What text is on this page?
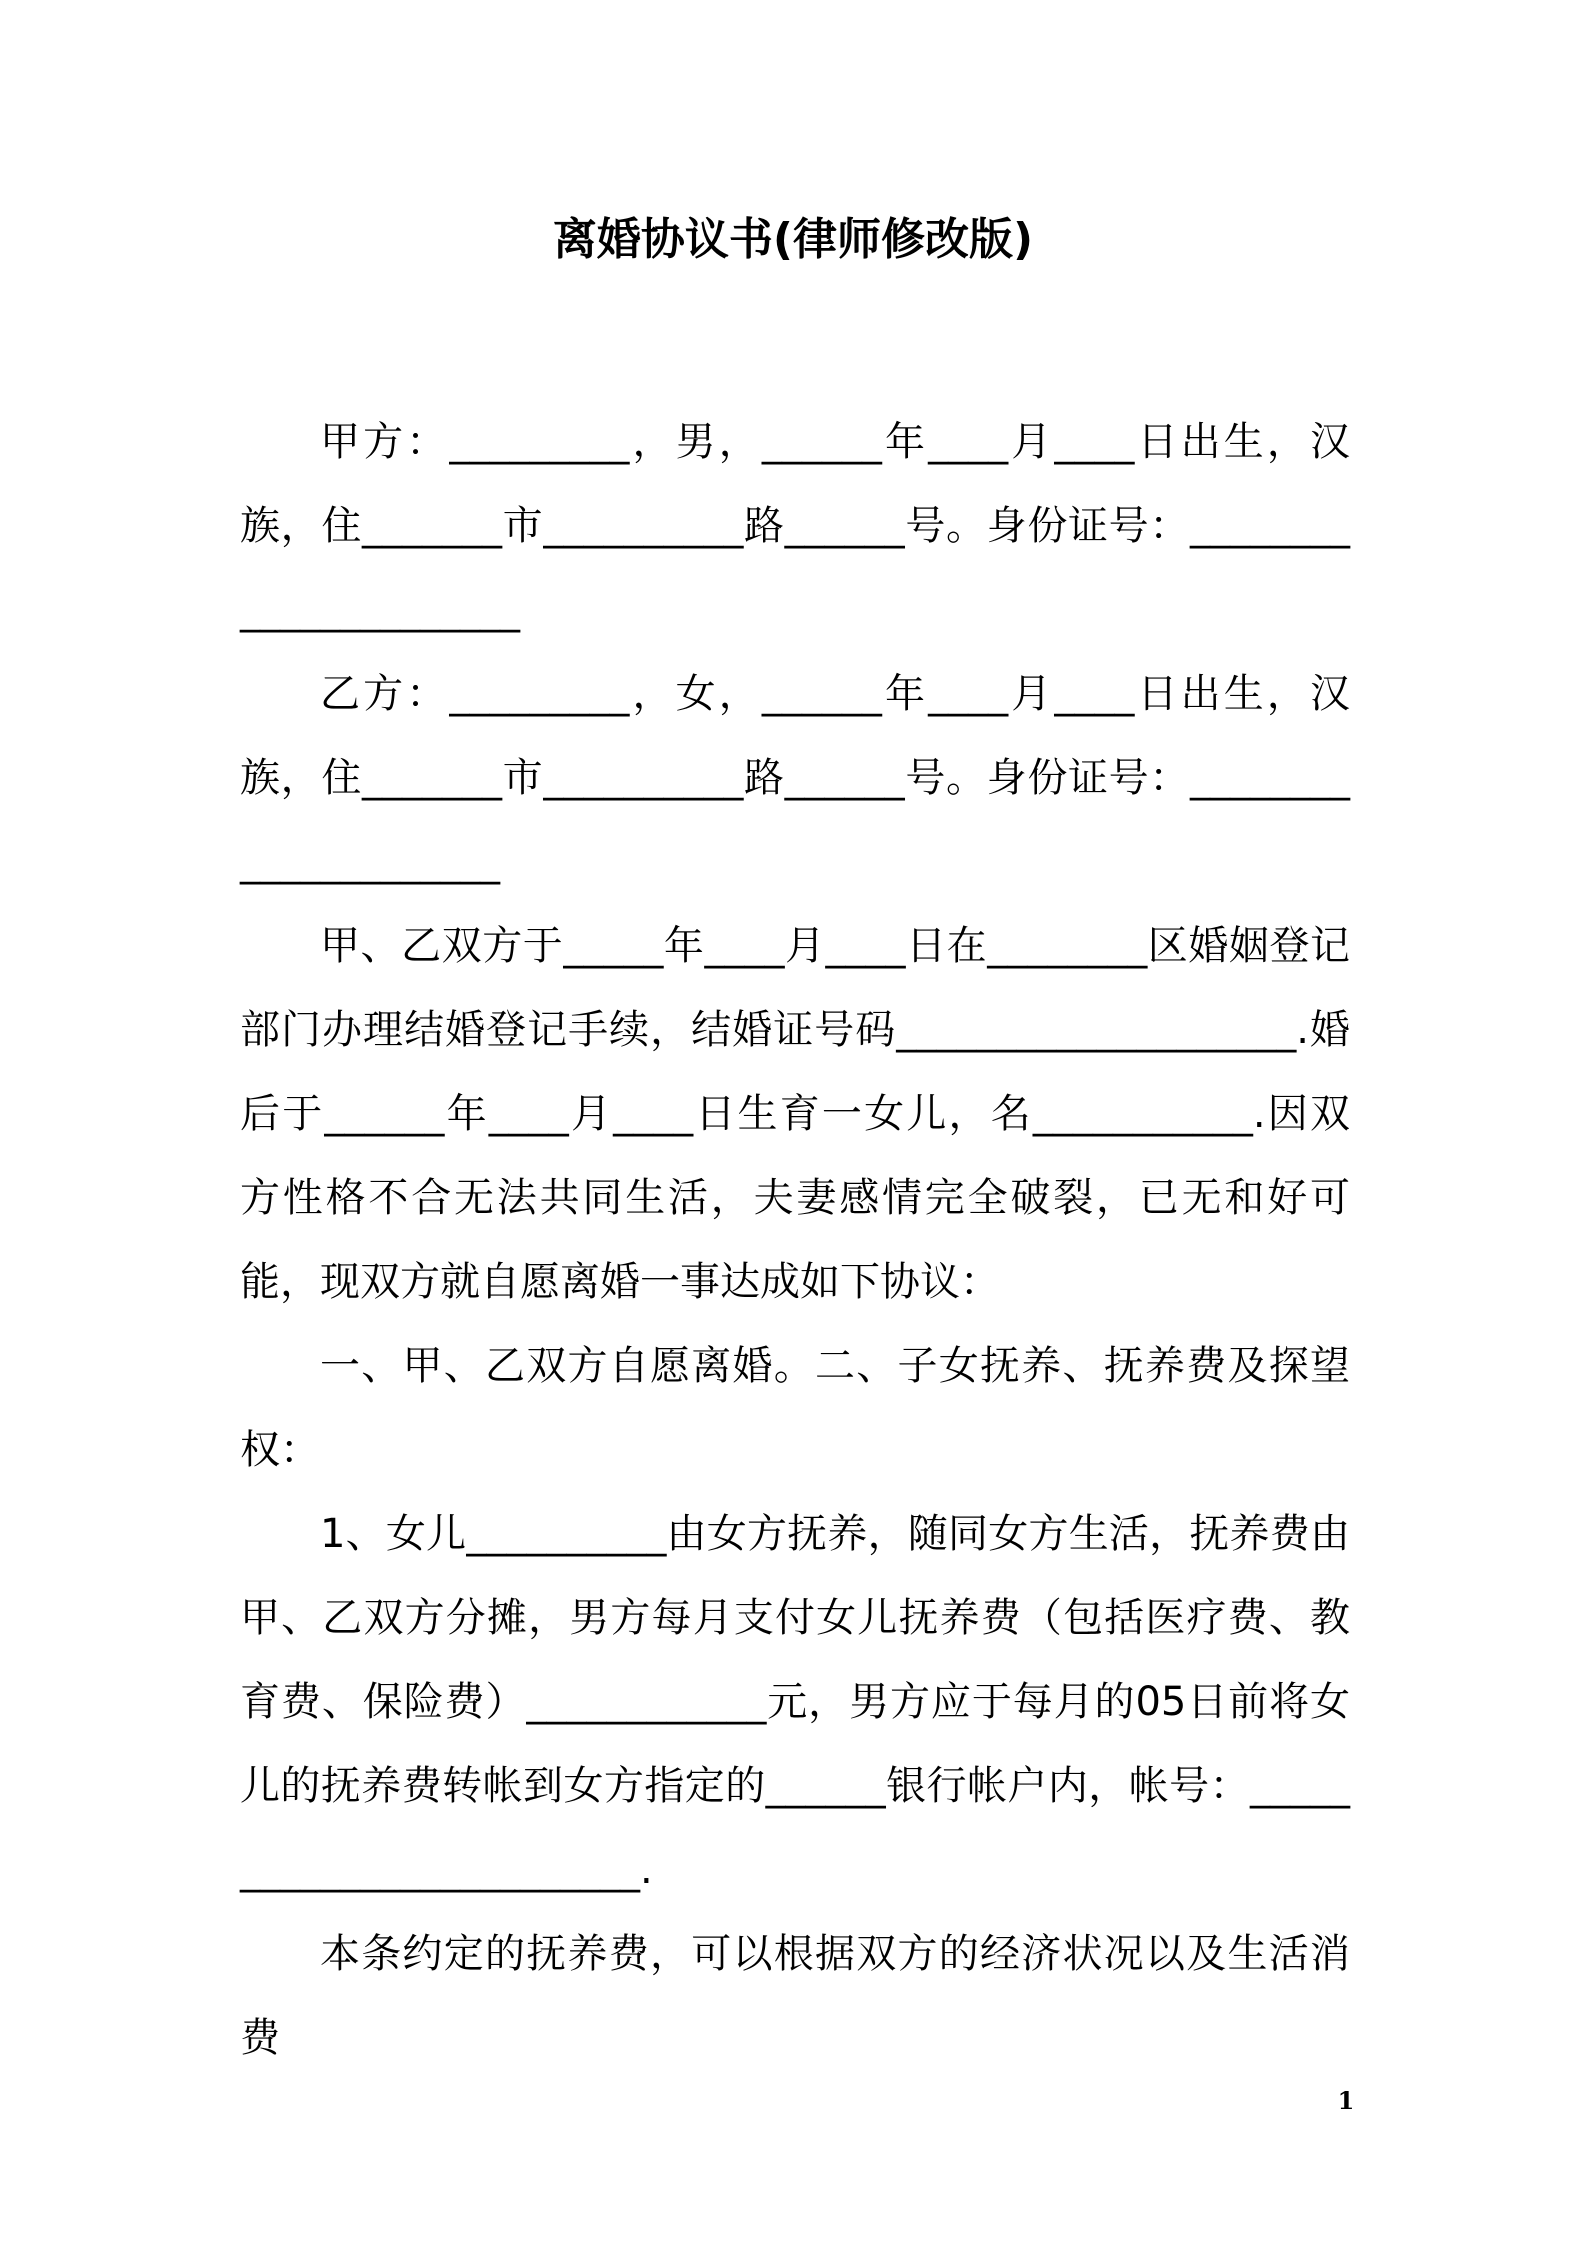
离婚协议书(律师修改版)

甲方：_________，男，______年____月____日出生，汉族，住_______市__________路______号。身份证号：______________________

乙方：_________，女，______年____月____日出生，汉族，住_______市__________路______号。身份证号：_____________________

甲、乙双方于_____年____月____日在________区婚姻登记部门办理结婚登记手续，结婚证号码____________________.婚后于______年____月____日生育一女儿，名___________.因双方性格不合无法共同生活，夫妻感情完全破裂，已无和好可能，现双方就自愿离婚一事达成如下协议：

一、甲、乙双方自愿离婚。二、子女抚养、抚养费及探望权：

1、女儿__________由女方抚养，随同女方生活，抚养费由甲、乙双方分摊，男方每月支付女儿抚养费（包括医疗费、教育费、保险费）____________元，男方应于每月的05日前将女儿的抚养费转帐到女方指定的______银行帐户内，帐号：_________________________.

本条约定的抚养费，可以根据双方的经济状况以及生活消费

1
